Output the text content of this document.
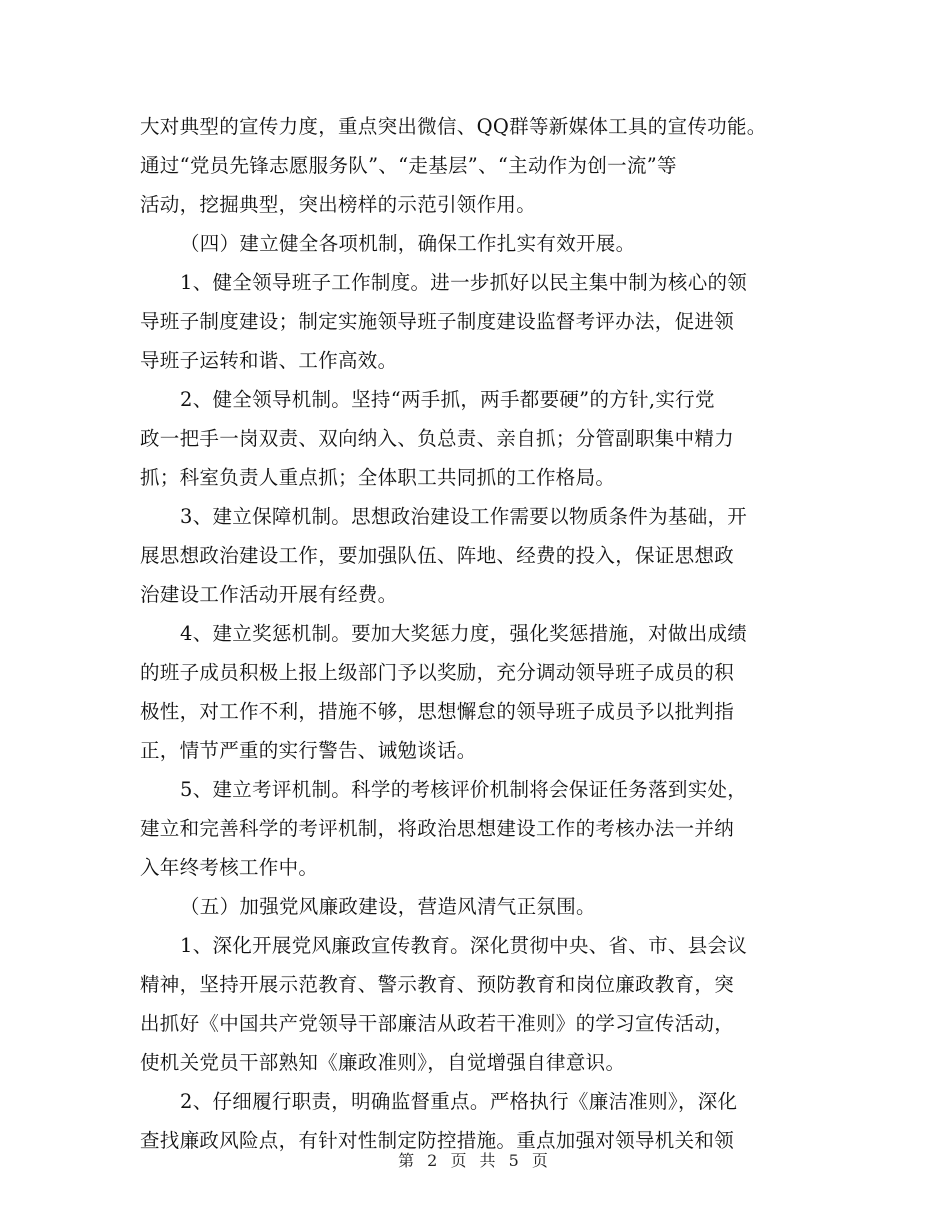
大对典型的宣传力度，重点突出微信、QQ群等新媒体工具的宣传功能。
通过“党员先锋志愿服务队”、“走基层”、“主动作为创一流”等
活动，挖掘典型，突出榜样的示范引领作用。
（四）建立健全各项机制，确保工作扎实有效开展。
1、健全领导班子工作制度。进一步抓好以民主集中制为核心的领
导班子制度建设；制定实施领导班子制度建设监督考评办法，促进领
导班子运转和谐、工作高效。
2、健全领导机制。坚持“两手抓，两手都要硬”的方针,实行党
政一把手一岗双责、双向纳入、负总责、亲自抓；分管副职集中精力
抓；科室负责人重点抓；全体职工共同抓的工作格局。
3、建立保障机制。思想政治建设工作需要以物质条件为基础，开
展思想政治建设工作，要加强队伍、阵地、经费的投入，保证思想政
治建设工作活动开展有经费。
4、建立奖惩机制。要加大奖惩力度，强化奖惩措施，对做出成绩
的班子成员积极上报上级部门予以奖励，充分调动领导班子成员的积
极性，对工作不利，措施不够，思想懈怠的领导班子成员予以批判指
正，情节严重的实行警告、诫勉谈话。
5、建立考评机制。科学的考核评价机制将会保证任务落到实处，
建立和完善科学的考评机制，将政治思想建设工作的考核办法一并纳
入年终考核工作中。
（五）加强党风廉政建设，营造风清气正氛围。
1、深化开展党风廉政宣传教育。深化贯彻中央、省、市、县会议
精神，坚持开展示范教育、警示教育、预防教育和岗位廉政教育，突
出抓好《中国共产党领导干部廉洁从政若干准则》的学习宣传活动，
使机关党员干部熟知《廉政准则》，自觉增强自律意识。
2、仔细履行职责，明确监督重点。严格执行《廉洁准则》，深化
查找廉政风险点，有针对性制定防控措施。重点加强对领导机关和领
第 2 页 共 5 页
